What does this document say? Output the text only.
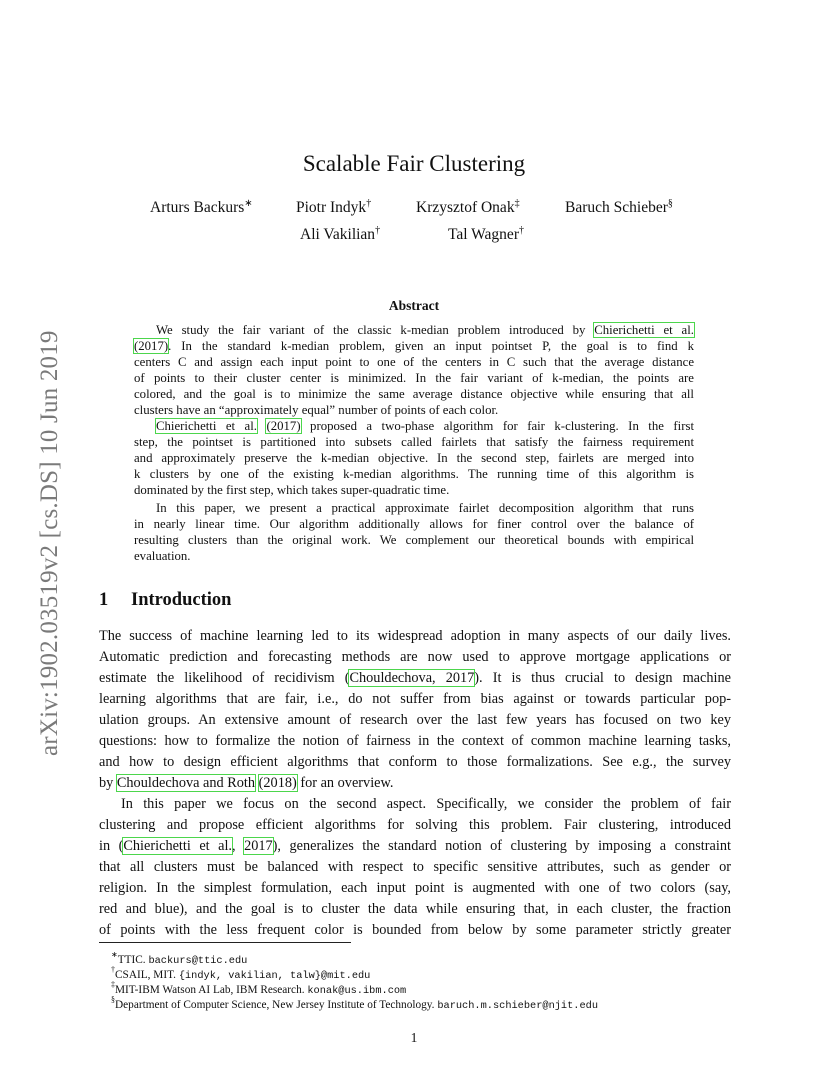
arXiv:1902.03519v2 [cs.DS] 10 Jun 2019
Scalable Fair Clustering
Arturs Backurs∗	Piotr Indyk†	Krzysztof Onak‡	Baruch Schieber§
Ali Vakilian†	Tal Wagner†
Abstract
We study the fair variant of the classic k-median problem introduced by Chierichetti et al.
(2017). In the standard k-median problem, given an input pointset P, the goal is to find k
centers C and assign each input point to one of the centers in C such that the average distance
of points to their cluster center is minimized. In the fair variant of k-median, the points are
colored, and the goal is to minimize the same average distance objective while ensuring that all
clusters have an “approximately equal” number of points of each color.
Chierichetti et al. (2017) proposed a two-phase algorithm for fair k-clustering. In the first
step, the pointset is partitioned into subsets called fairlets that satisfy the fairness requirement
and approximately preserve the k-median objective. In the second step, fairlets are merged into
k clusters by one of the existing k-median algorithms. The running time of this algorithm is
dominated by the first step, which takes super-quadratic time.
In this paper, we present a practical approximate fairlet decomposition algorithm that runs
in nearly linear time. Our algorithm additionally allows for finer control over the balance of
resulting clusters than the original work. We complement our theoretical bounds with empirical
evaluation.
1 Introduction
The success of machine learning led to its widespread adoption in many aspects of our daily lives.
Automatic prediction and forecasting methods are now used to approve mortgage applications or
estimate the likelihood of recidivism (Chouldechova, 2017). It is thus crucial to design machine
learning algorithms that are fair, i.e., do not suffer from bias against or towards particular pop-
ulation groups. An extensive amount of research over the last few years has focused on two key
questions: how to formalize the notion of fairness in the context of common machine learning tasks,
and how to design efficient algorithms that conform to those formalizations. See e.g., the survey
by Chouldechova and Roth (2018) for an overview.
In this paper we focus on the second aspect. Specifically, we consider the problem of fair
clustering and propose efficient algorithms for solving this problem. Fair clustering, introduced
in (Chierichetti et al., 2017), generalizes the standard notion of clustering by imposing a constraint
that all clusters must be balanced with respect to specific sensitive attributes, such as gender or
religion. In the simplest formulation, each input point is augmented with one of two colors (say,
red and blue), and the goal is to cluster the data while ensuring that, in each cluster, the fraction
of points with the less frequent color is bounded from below by some parameter strictly greater
∗TTIC. backurs@ttic.edu
†CSAIL, MIT. {indyk, vakilian, talw}@mit.edu
‡MIT-IBM Watson AI Lab, IBM Research. konak@us.ibm.com
§Department of Computer Science, New Jersey Institute of Technology. baruch.m.schieber@njit.edu
1
